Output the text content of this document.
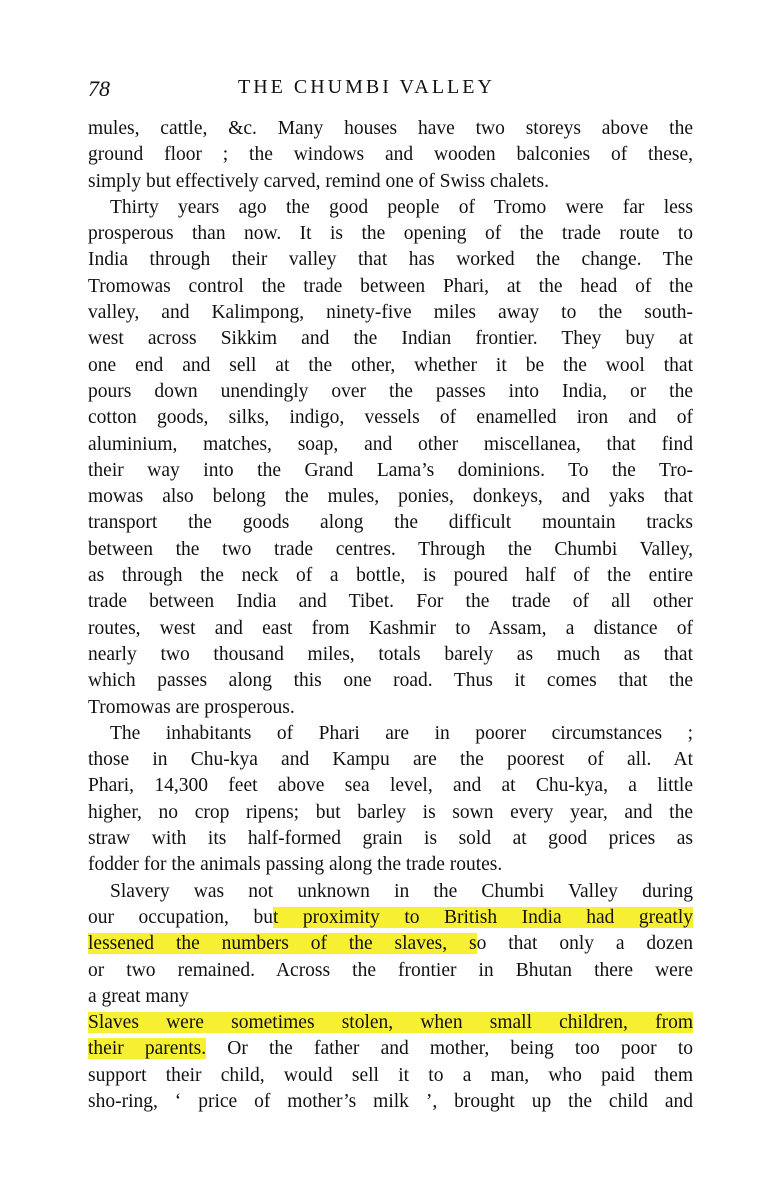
78	THE CHUMBI VALLEY
mules, cattle, &c. Many houses have two storeys above the
ground floor ; the windows and wooden balconies of these,
simply but effectively carved, remind one of Swiss chalets.
Thirty years ago the good people of Tromo were far less
prosperous than now. It is the opening of the trade route to
India through their valley that has worked the change. The
Tromowas control the trade between Phari, at the head of the
valley, and Kalimpong, ninety-five miles away to the south-
west across Sikkim and the Indian frontier. They buy at
one end and sell at the other, whether it be the wool that
pours down unendingly over the passes into India, or the
cotton goods, silks, indigo, vessels of enamelled iron and of
aluminium, matches, soap, and other miscellanea, that find
their way into the Grand Lama’s dominions. To the Tro-
mowas also belong the mules, ponies, donkeys, and yaks that
transport the goods along the difficult mountain tracks
between the two trade centres. Through the Chumbi Valley,
as through the neck of a bottle, is poured half of the entire
trade between India and Tibet. For the trade of all other
routes, west and east from Kashmir to Assam, a distance of
nearly two thousand miles, totals barely as much as that
which passes along this one road. Thus it comes that the
Tromowas are prosperous.
The inhabitants of Phari are in poorer circumstances ;
those in Chu-kya and Kampu are the poorest of all. At
Phari, 14,300 feet above sea level, and at Chu-kya, a little
higher, no crop ripens; but barley is sown every year, and the
straw with its half-formed grain is sold at good prices as
fodder for the animals passing along the trade routes.
Slavery was not unknown in the Chumbi Valley during
our occupation, but proximity to British India had greatly
lessened the numbers of the slaves, so that only a dozen
or two remained. Across the frontier in Bhutan there were
a great many
Slaves were sometimes stolen, when small children, from
their parents. Or the father and mother, being too poor to
support their child, would sell it to a man, who paid them
sho-ring, ‘ price of mother’s milk ’, brought up the child and
